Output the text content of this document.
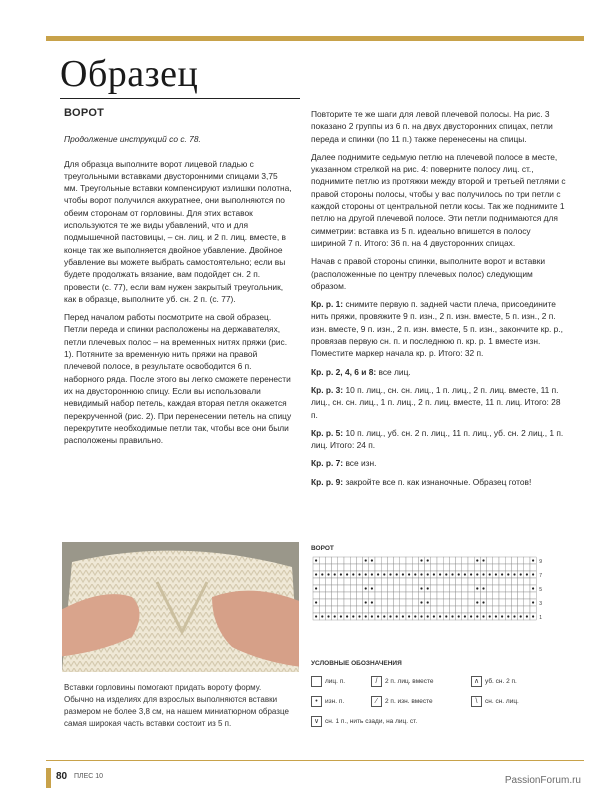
Образец

ВОРОТ

Продолжение инструкций со с. 78.

Для образца выполните ворот лицевой гладью с треугольными вставками двусторонними спицами 3,75 мм. Треугольные вставки компенсируют излишки полотна, чтобы ворот получился аккуратнее, они выполняются по обеим сторонам от горловины. Для этих вставок используются те же виды убавлений, что и для подмышечной пастовицы, – сн. лиц. и 2 п. лиц. вместе, в конце так же выполняется двойное убавление. Двойное убавление вы можете выбрать самостоятельно; если вы будете продолжать вязание, вам подойдет сн. 2 п. провести (с. 77), если вам нужен закрытый треугольник, как в образце, выполните уб. сн. 2 п. (с. 77).

Перед началом работы посмотрите на свой образец. Петли переда и спинки расположены на державателях, петли плечевых полос – на временных нитях пряжи (рис. 1). Потяните за временную нить пряжи на правой плечевой полосе, в результате освободится 6 п. наборного ряда. После этого вы легко сможете перенести их на двустороннюю спицу. Если вы использовали невидимый набор петель, каждая вторая петля окажется перекрученной (рис. 2). При перенесении петель на спицу перекрутите необходимые петли так, чтобы все они были расположены правильно.

Повторите те же шаги для левой плечевой полосы. На рис. 3 показано 2 группы из 6 п. на двух двусторонних спицах, петли переда и спинки (по 11 п.) также перенесены на спицы.

Далее поднимите седьмую петлю на плечевой полосе в месте, указанном стрелкой на рис. 4: поверните полосу лиц. ст., поднимите петлю из протяжки между второй и третьей петлями с правой стороны полосы, чтобы у вас получилось по три петли с каждой стороны от центральной петли косы. Так же поднимите 1 петлю на другой плечевой полосе. Эти петли поднимаются для симметрии: вставка из 5 п. идеально впишется в полосу шириной 7 п. Итого: 36 п. на 4 двусторонних спицах.

Начав с правой стороны спинки, выполните ворот и вставки (расположенные по центру плечевых полос) следующим образом.

Кр. р. 1: снимите первую п. задней части плеча, присоедините нить пряжи, провяжите 9 п. изн., 2 п. изн. вместе, 5 п. изн., 2 п. изн. вместе, 9 п. изн., 2 п. изн. вместе, 5 п. изн., закончите кр. р., провязав первую сн. п. и последнюю п. кр. р. 1 вместе изн. Поместите маркер начала кр. р. Итого: 32 п.

Кр. р. 2, 4, 6 и 8: все лиц.

Кр. р. 3: 10 п. лиц., сн. сн. лиц., 1 п. лиц., 2 п. лиц. вместе, 11 п. лиц., сн. сн. лиц., 1 п. лиц., 2 п. лиц. вместе, 11 п. лиц. Итого: 28 п.

Кр. р. 5: 10 п. лиц., уб. сн. 2 п. лиц., 11 п. лиц., уб. сн. 2 лиц., 1 п. лиц. Итого: 24 п.

Кр. р. 7: все изн.

Кр. р. 9: закройте все п. как изнаночные. Образец готов!

Вставки горловины помогают придать вороту форму. Обычно на изделиях для взрослых выполняются вставки размером не более 3,8 см, на нашем миниатюрном образце самая широкая часть вставки состоит из 5 п.
ВОРОТ
9
7
5
3
1
УСЛОВНЫЕ ОБОЗНАЧЕНИЯ
лиц. п.	/ 2 п. лиц. вместе	∧ уб. сн. 2 п.
• изн. п.	⁄ 2 п. изн. вместе	\ сн. сн. лиц.
∨ сн. 1 п., нить сзади, на лиц. ст.
80 ПЛЕС 10	PassionForum.ru
